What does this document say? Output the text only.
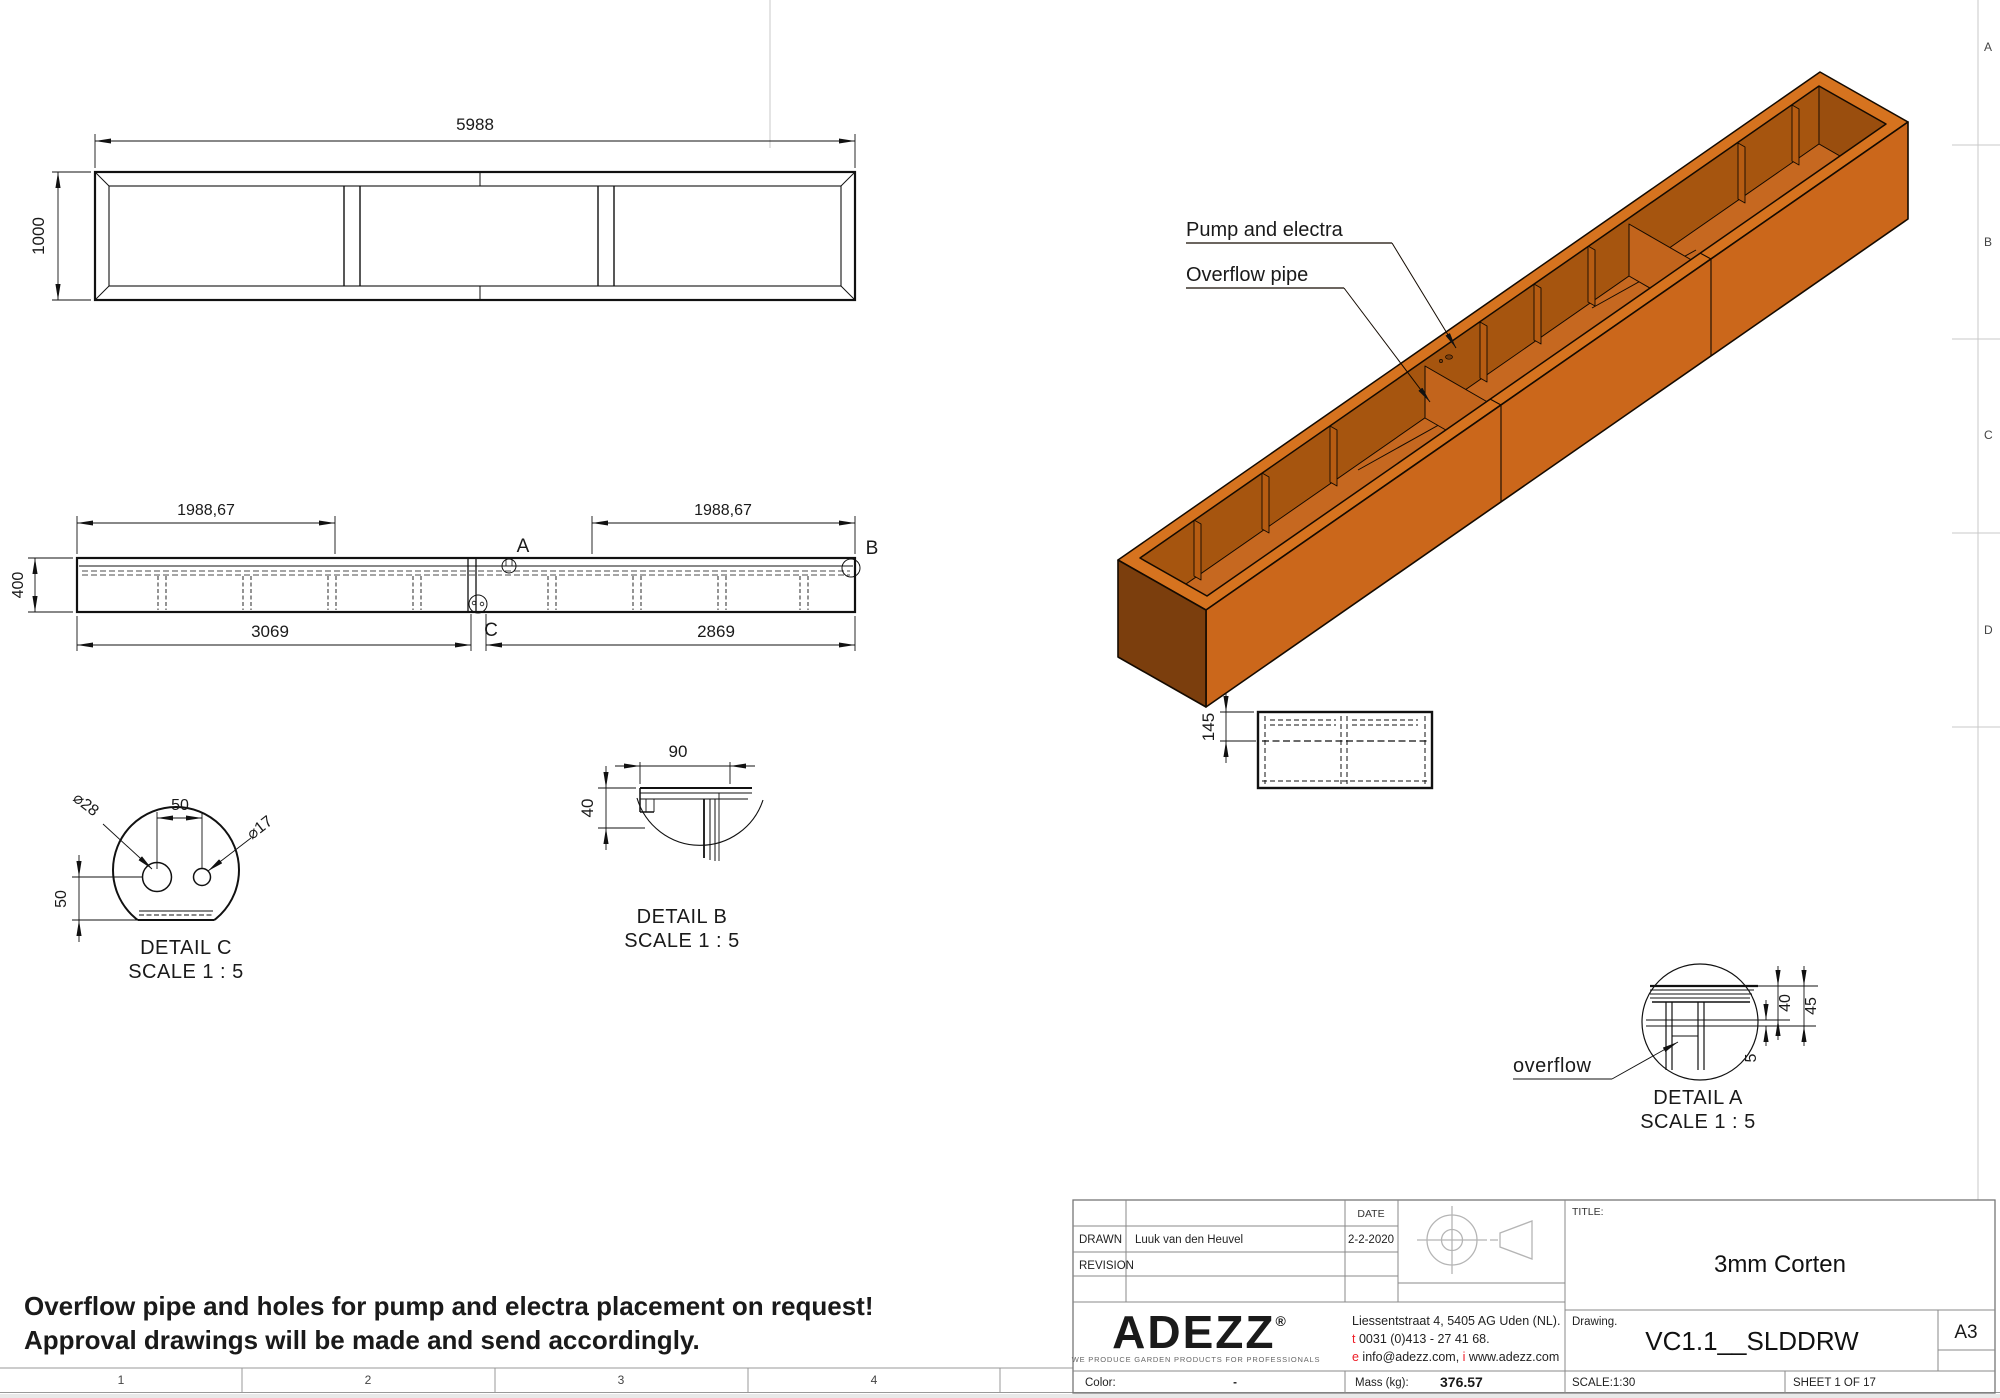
A
B
C
D
1	2	3	4
5988
1000
A	B
C
1988,67	1988,67
400
3069	2869
145
Pump and electra
Overflow pipe
50
⌀28
⌀17
50
DETAIL C
SCALE 1 : 5
90
40
DETAIL B
SCALE 1 : 5
40 45
5
overflow
DETAIL A
SCALE 1 : 5
Overflow pipe and holes for pump and electra placement on request!
Approval drawings will be made and send accordingly.
DATE
DRAWN Luuk van den Heuvel	2-2-2020
REVISION
ADEZZ®
WE PRODUCE GARDEN PRODUCTS FOR PROFESSIONALS
Liessentstraat 4, 5405 AG Uden (NL).
t 0031 (0)413 - 27 41 68.
e info@adezz.com, i www.adezz.com
Color:	-	Mass (kg): 376.57
TITLE:
3mm Corten
Drawing.
VC1.1__SLDDRW	A3
SCALE:1:30	SHEET 1 OF 17
